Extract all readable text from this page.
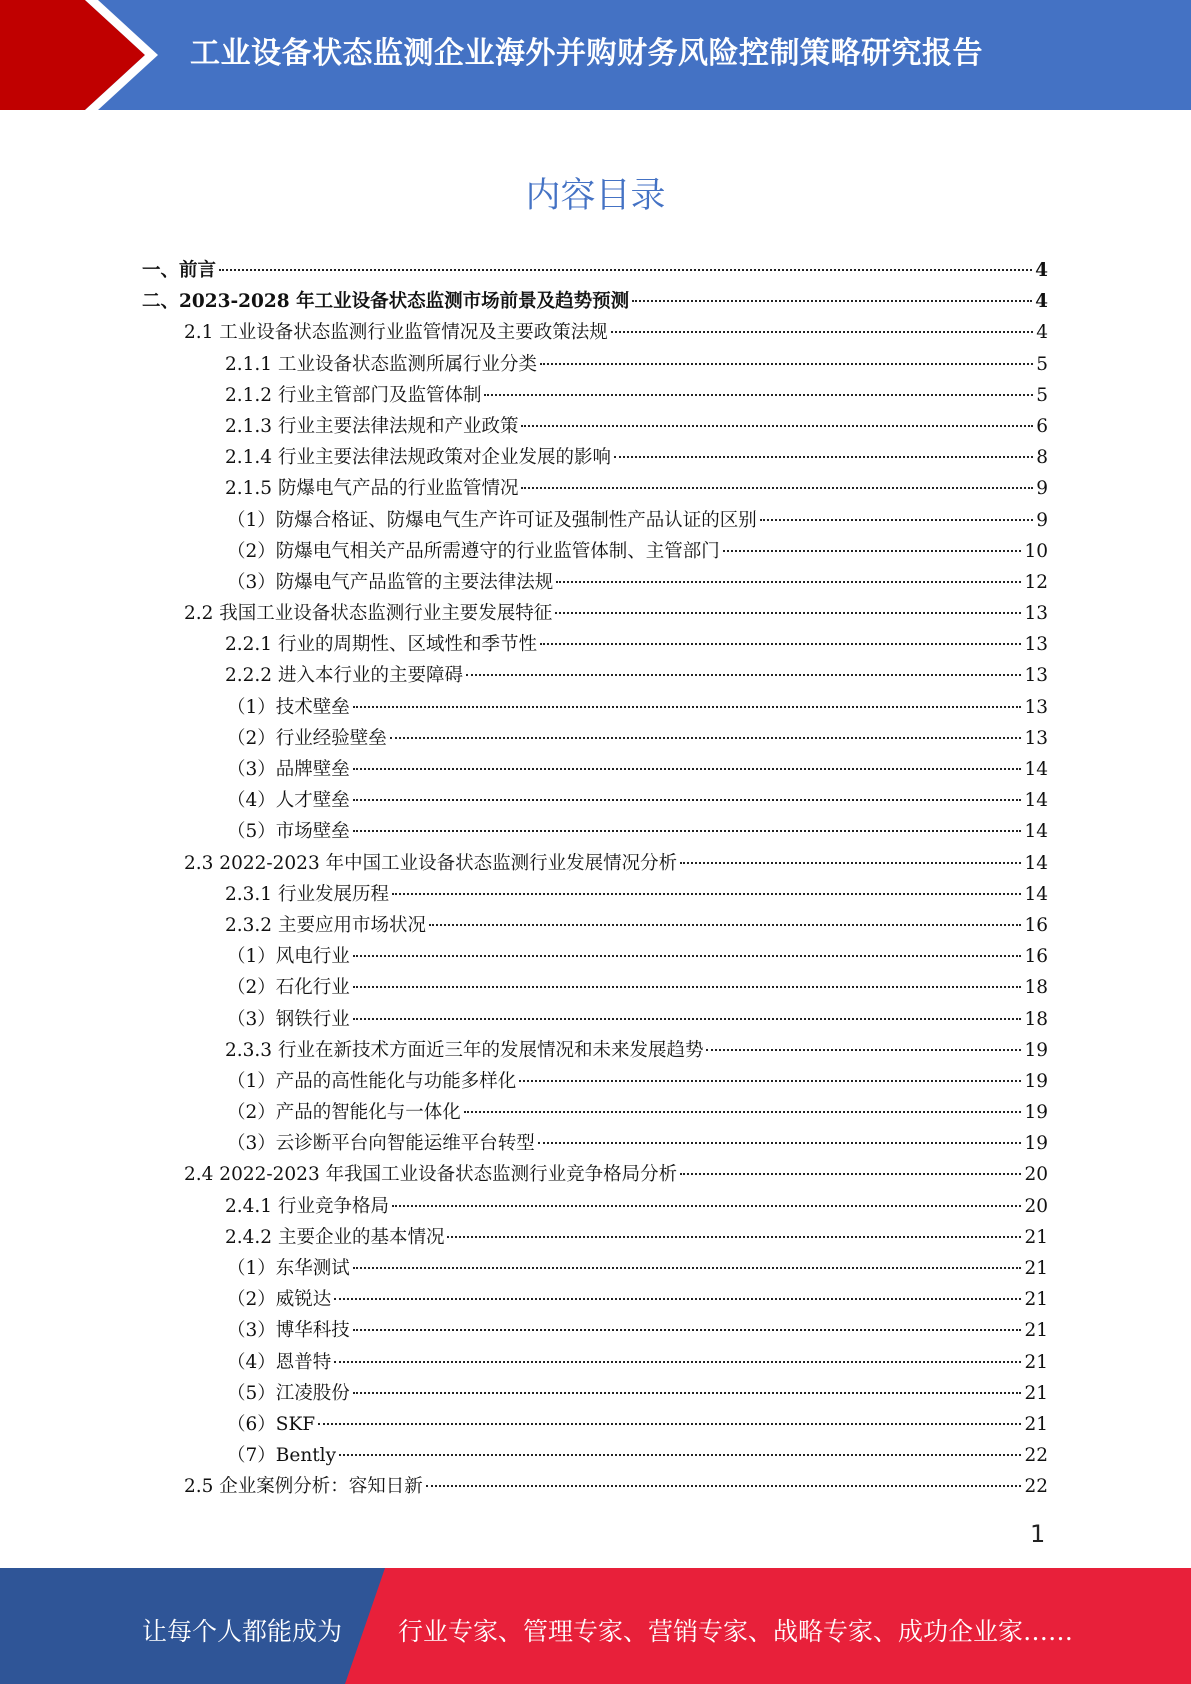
工业设备状态监测企业海外并购财务风险控制策略研究报告
内容目录
一、前言	4
二、2023-2028 年工业设备状态监测市场前景及趋势预测	4
2.1 工业设备状态监测行业监管情况及主要政策法规	4
2.1.1 工业设备状态监测所属行业分类	5
2.1.2 行业主管部门及监管体制	5
2.1.3 行业主要法律法规和产业政策	6
2.1.4 行业主要法律法规政策对企业发展的影响	8
2.1.5 防爆电气产品的行业监管情况	9
（1）防爆合格证、防爆电气生产许可证及强制性产品认证的区别	9
（2）防爆电气相关产品所需遵守的行业监管体制、主管部门	10
（3）防爆电气产品监管的主要法律法规	12
2.2 我国工业设备状态监测行业主要发展特征	13
2.2.1 行业的周期性、区域性和季节性	13
2.2.2 进入本行业的主要障碍	13
（1）技术壁垒	13
（2）行业经验壁垒	13
（3）品牌壁垒	14
（4）人才壁垒	14
（5）市场壁垒	14
2.3 2022-2023 年中国工业设备状态监测行业发展情况分析	14
2.3.1 行业发展历程	14
2.3.2 主要应用市场状况	16
（1）风电行业	16
（2）石化行业	18
（3）钢铁行业	18
2.3.3 行业在新技术方面近三年的发展情况和未来发展趋势	19
（1）产品的高性能化与功能多样化	19
（2）产品的智能化与一体化	19
（3）云诊断平台向智能运维平台转型	19
2.4 2022-2023 年我国工业设备状态监测行业竞争格局分析	20
2.4.1 行业竞争格局	20
2.4.2 主要企业的基本情况	21
（1）东华测试	21
（2）威锐达	21
（3）博华科技	21
（4）恩普特	21
（5）江凌股份	21
（6）SKF	21
（7）Bently	22
2.5 企业案例分析：容知日新	22
1
让每个人都能成为 行业专家、管理专家、营销专家、战略专家、成功企业家……
